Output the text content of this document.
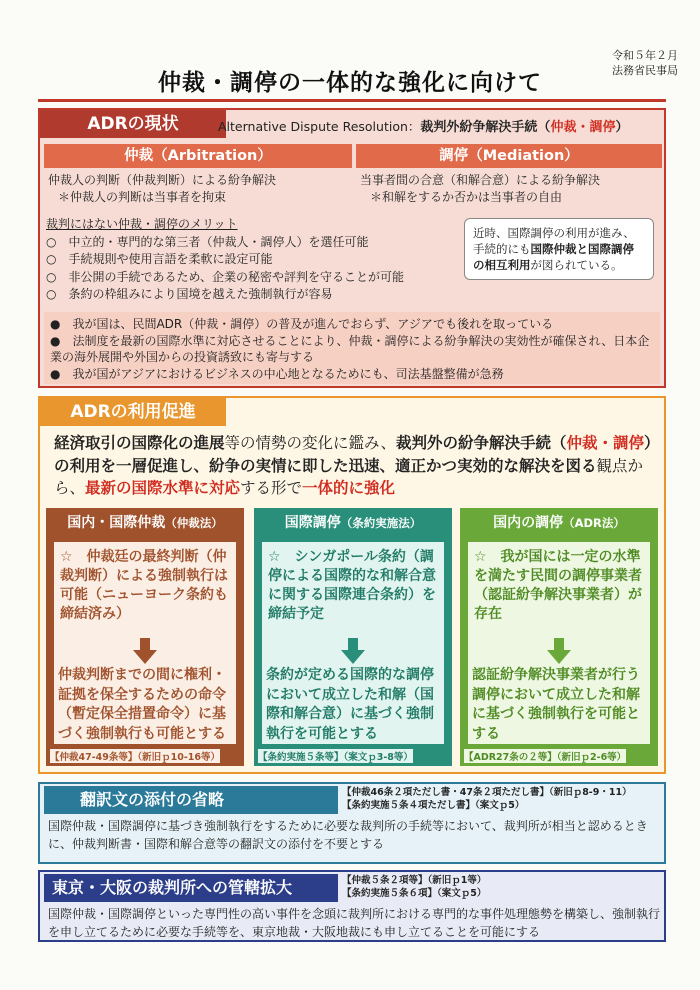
令和５年２月
法務省民事局
仲裁・調停の一体的な強化に向けて
ADRの現状	Alternative Dispute Resolution：裁判外紛争解決手続（仲裁・調停）
仲裁（Arbitration）	調停（Mediation）
仲裁人の判断（仲裁判断）による紛争解決
＊仲裁人の判断は当事者を拘束
当事者間の合意（和解合意）による紛争解決
＊和解をするか否かは当事者の自由
裁判にはない仲裁・調停のメリット
○　中立的・専門的な第三者（仲裁人・調停人）を選任可能
○　手続規則や使用言語を柔軟に設定可能
○　非公開の手続であるため、企業の秘密や評判を守ることが可能
○　条約の枠組みにより国境を越えた強制執行が容易
近時、国際調停の利用が進み、手続的にも国際仲裁と国際調停の相互利用が図られている。
●　我が国は、民間ADR（仲裁・調停）の普及が進んでおらず、アジアでも後れを取っている
●　法制度を最新の国際水準に対応させることにより、仲裁・調停による紛争解決の実効性が確保され、日本企業の海外展開や外国からの投資誘致にも寄与する
●　我が国がアジアにおけるビジネスの中心地となるためにも、司法基盤整備が急務
ADRの利用促進
経済取引の国際化の進展等の情勢の変化に鑑み、裁判外の紛争解決手続（仲裁・調停）の利用を一層促進し、紛争の実情に即した迅速、適正かつ実効的な解決を図る観点から、最新の国際水準に対応する形で一体的に強化
国内・国際仲裁（仲裁法）
☆　仲裁廷の最終判断（仲裁判断）による強制執行は可能（ニューヨーク条約も締結済み）
仲裁判断までの間に権利・証拠を保全するための命令（暫定保全措置命令）に基づく強制執行も可能とする
【仲裁47-49条等】（新旧ｐ10-16等）
国際調停（条約実施法）
☆　シンガポール条約（調停による国際的な和解合意に関する国際連合条約）を締結予定
条約が定める国際的な調停において成立した和解（国際和解合意）に基づく強制執行を可能とする
【条約実施５条等】（案文ｐ3-8等）
国内の調停（ADR法）
☆　我が国には一定の水準を満たす民間の調停事業者（認証紛争解決事業者）が存在
認証紛争解決事業者が行う調停において成立した和解に基づく強制執行を可能とする
【ADR27条の２等】（新旧ｐ2-6等）
翻訳文の添付の省略	【仲裁46条２項ただし書・47条２項ただし書】（新旧ｐ8-9・11）
【条約実施５条４項ただし書】（案文ｐ5）
国際仲裁・国際調停に基づき強制執行をするために必要な裁判所の手続等において、裁判所が相当と認めるときに、仲裁判断書・国際和解合意等の翻訳文の添付を不要とする
東京・大阪の裁判所への管轄拡大	【仲裁５条２項等】（新旧ｐ1等）
【条約実施５条６項】（案文ｐ5）
国際仲裁・国際調停といった専門性の高い事件を念頭に裁判所における専門的な事件処理態勢を構築し、強制執行を申し立てるために必要な手続等を、東京地裁・大阪地裁にも申し立てることを可能にする
